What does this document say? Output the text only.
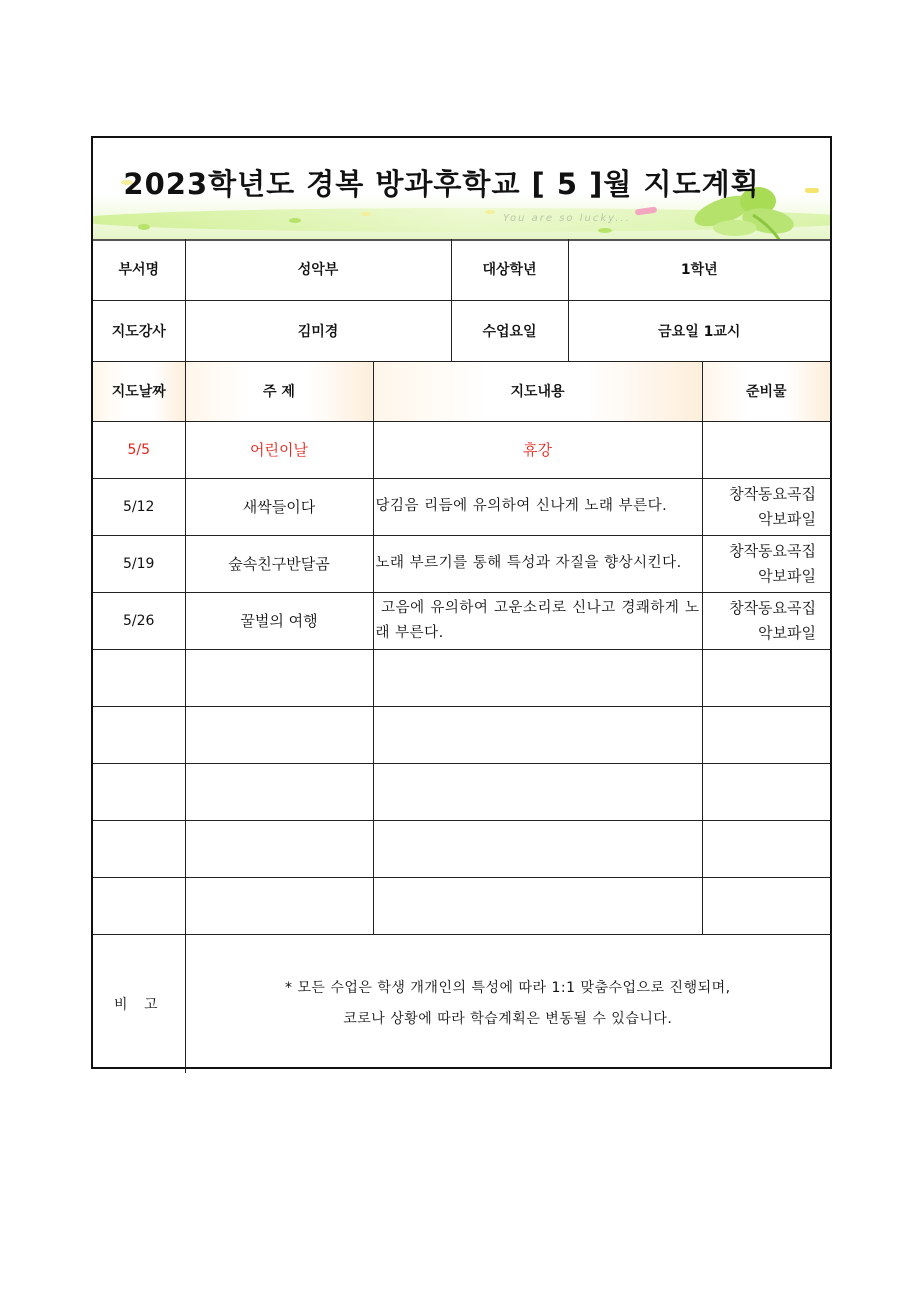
You are so lucky...
2023학년도 경복 방과후학교 [ 5 ]월 지도계획
부서명	성악부		대상학년	1학년	
지도강사	김미경		수업요일	금요일 1교시	
지도날짜	주 제	지도내용			준비물
5/5	어린이날	휴강			
5/12	새싹들이다	당김음 리듬에 유의하여 신나게 노래 부른다.			창작동요곡집
악보파일

5/19	숲속친구반달곰	노래 부르기를 통해 특성과 자질을 향상시킨다.			창작동요곡집
악보파일

5/26	꿀벌의 여행	고음에 유의하여 고운소리로 신나고 경쾌하게 노래 부른다.			창작동요곡집
악보파일

비 고	* 모든 수업은 학생 개개인의 특성에 따라 1:1 맞춤수업으로 진행되며,
코로나 상황에 따라 학습계획은 변동될 수 있습니다.				
